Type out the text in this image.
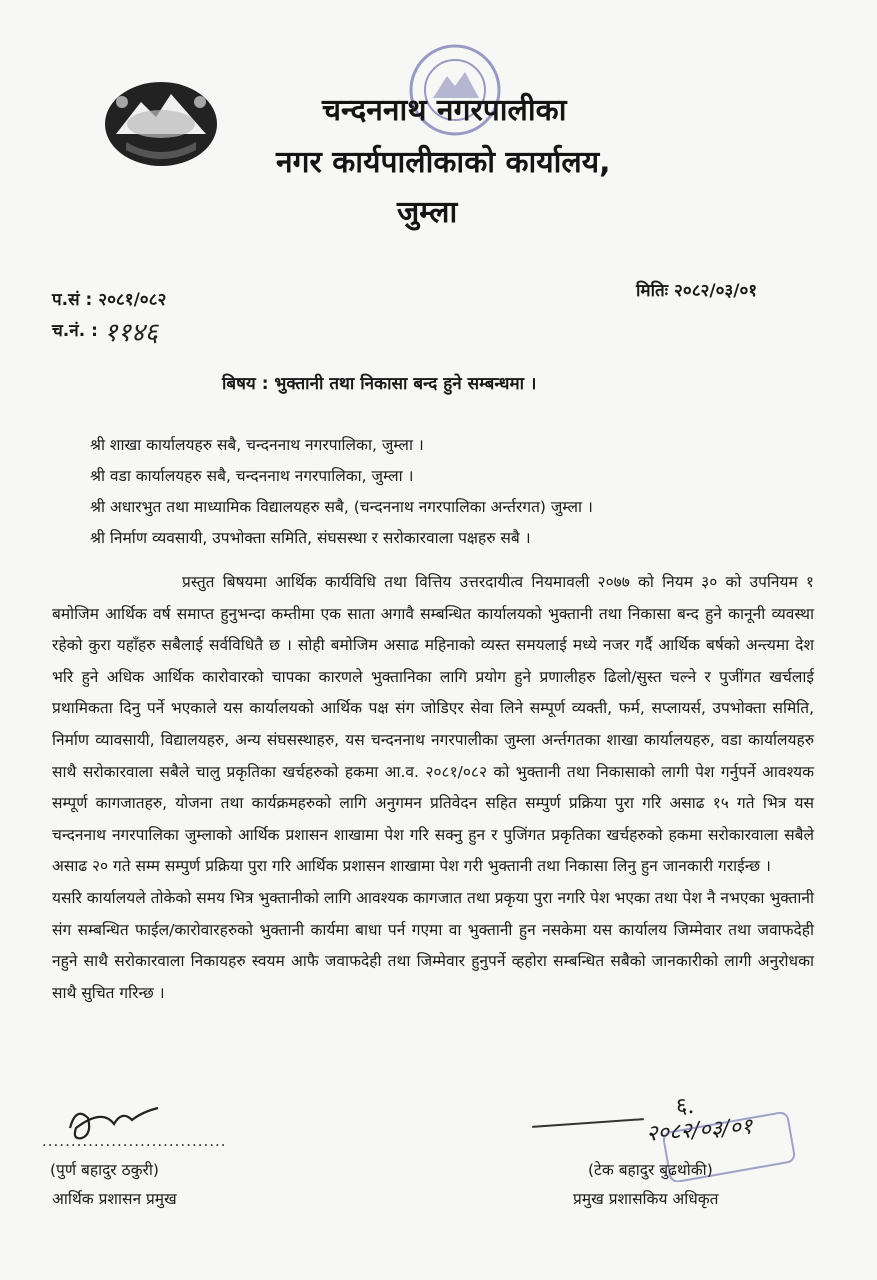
चन्दननाथ नगरपालीका
नगर कार्यपालीकाको कार्यालय,
जुम्ला
प.सं : २०८१/०८२	मितिः २०८२/०३/०१
च.नं. : ११४६
बिषय : भुक्तानी तथा निकासा बन्द हुने सम्बन्धमा ।
श्री शाखा कार्यालयहरु सबै, चन्दननाथ नगरपालिका, जुम्ला ।
श्री वडा कार्यालयहरु सबै, चन्दननाथ नगरपालिका, जुम्ला ।
श्री अधारभुत तथा माध्यामिक विद्यालयहरु सबै, (चन्दननाथ नगरपालिका अर्न्तरगत) जुम्ला ।
श्री निर्माण व्यवसायी, उपभोक्ता समिति, संघसस्था र सरोकारवाला पक्षहरु सबै ।

प्रस्तुत बिषयमा आर्थिक कार्यविधि तथा वित्तिय उत्तरदायीत्व नियमावली २०७७ को नियम ३० को उपनियम १ बमोजिम आर्थिक वर्ष समाप्त हुनुभन्दा कम्तीमा एक साता अगावै सम्बन्धित कार्यालयको भुक्तानी तथा निकासा बन्द हुने कानूनी व्यवस्था रहेको कुरा यहाँहरु सबैलाई सर्वविधितै छ । सोही बमोजिम असाढ महिनाको व्यस्त समयलाई मध्ये नजर गर्दै आर्थिक बर्षको अन्त्यमा देश भरि हुने अधिक आर्थिक कारोवारको चापका कारणले भुक्तानिका लागि प्रयोग हुने प्रणालीहरु ढिलो/सुस्त चल्ने र पुजींगत खर्चलाई प्रथामिकता दिनु पर्ने भएकाले यस कार्यालयको आर्थिक पक्ष संग जोडिएर सेवा लिने सम्पूर्ण व्यक्ती, फर्म, सप्लायर्स, उपभोक्ता समिति, निर्माण व्यावसायी, विद्यालयहरु, अन्य संघसस्थाहरु, यस चन्दननाथ नगरपालीका जुम्ला अर्न्तगतका शाखा कार्यालयहरु, वडा कार्यालयहरु साथै सरोकारवाला सबैले चालु प्रकृतिका खर्चहरुको हकमा आ.व. २०८१/०८२ को भुक्तानी तथा निकासाको लागी पेश गर्नुपर्ने आवश्यक सम्पूर्ण कागजातहरु, योजना तथा कार्यक्रमहरुको लागि अनुगमन प्रतिवेदन सहित सम्पुर्ण प्रक्रिया पुरा गरि असाढ १५ गते भित्र यस चन्दननाथ नगरपालिका जुम्लाको आर्थिक प्रशासन शाखामा पेश गरि सक्नु हुन र पुजिंगत प्रकृतिका खर्चहरुको हकमा सरोकारवाला सबैले असाढ २० गते सम्म सम्पुर्ण प्रक्रिया पुरा गरि आर्थिक प्रशासन शाखामा पेश गरी भुक्तानी तथा निकासा लिनु हुन जानकारी गराईन्छ ।

यसरि कार्यालयले तोकेको समय भित्र भुक्तानीको लागि आवश्यक कागजात तथा प्रकृया पुरा नगरि पेश भएका तथा पेश नै नभएका भुक्तानी संग सम्बन्धित फाईल/कारोवारहरुको भुक्तानी कार्यमा बाधा पर्न गएमा वा भुक्तानी हुन नसकेमा यस कार्यालय जिम्मेवार तथा जवाफदेही नहुने साथै सरोकारवाला निकायहरु स्वयम आफै जवाफदेही तथा जिम्मेवार हुनुपर्ने व्हहोरा सम्बन्धित सबैको जानकारीको लागी अनुरोधका साथै सुचित गरिन्छ ।

................................
(पुर्ण बहादुर ठकुरी)
आर्थिक प्रशासन प्रमुख
६.
२०८२/०३/०१
(टेक बहादुर बुढथोकी)
प्रमुख प्रशासकिय अधिकृत
